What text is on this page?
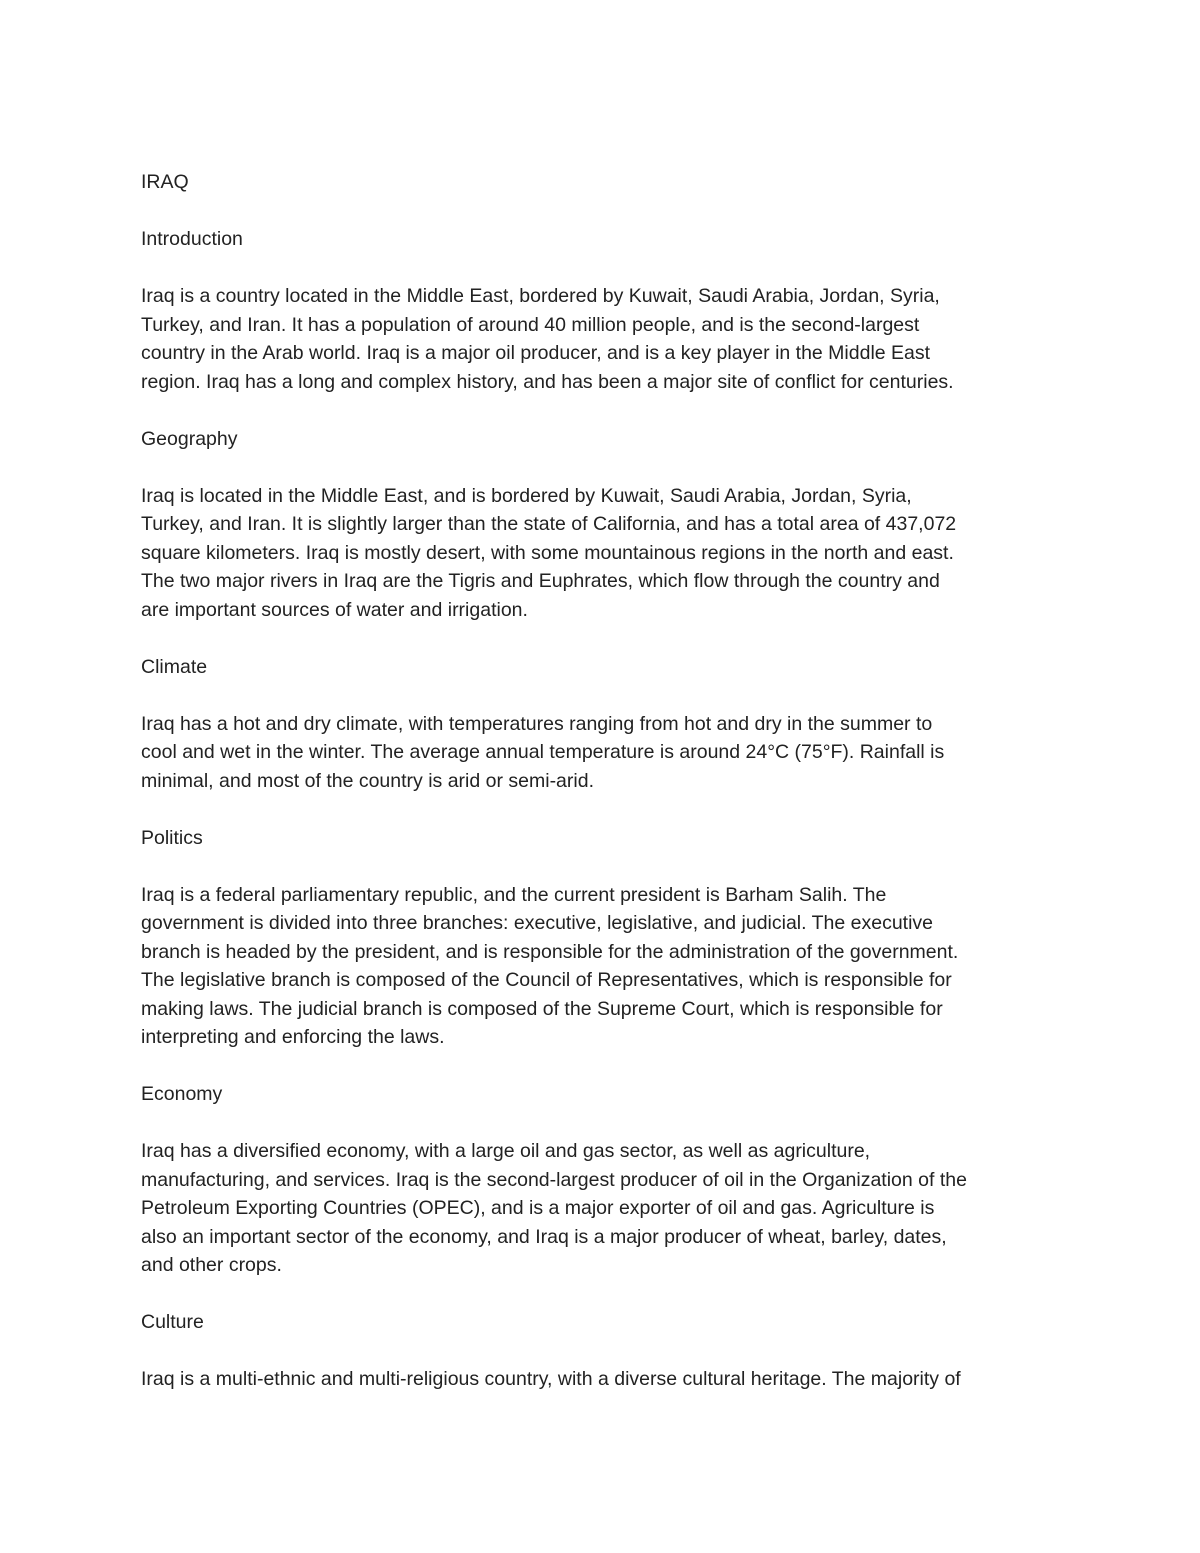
IRAQ

Introduction

Iraq is a country located in the Middle East, bordered by Kuwait, Saudi Arabia, Jordan, Syria,
Turkey, and Iran. It has a population of around 40 million people, and is the second-largest
country in the Arab world. Iraq is a major oil producer, and is a key player in the Middle East
region. Iraq has a long and complex history, and has been a major site of conflict for centuries.

Geography

Iraq is located in the Middle East, and is bordered by Kuwait, Saudi Arabia, Jordan, Syria,
Turkey, and Iran. It is slightly larger than the state of California, and has a total area of 437,072
square kilometers. Iraq is mostly desert, with some mountainous regions in the north and east.
The two major rivers in Iraq are the Tigris and Euphrates, which flow through the country and
are important sources of water and irrigation.

Climate

Iraq has a hot and dry climate, with temperatures ranging from hot and dry in the summer to
cool and wet in the winter. The average annual temperature is around 24°C (75°F). Rainfall is
minimal, and most of the country is arid or semi-arid.

Politics

Iraq is a federal parliamentary republic, and the current president is Barham Salih. The
government is divided into three branches: executive, legislative, and judicial. The executive
branch is headed by the president, and is responsible for the administration of the government.
The legislative branch is composed of the Council of Representatives, which is responsible for
making laws. The judicial branch is composed of the Supreme Court, which is responsible for
interpreting and enforcing the laws.

Economy

Iraq has a diversified economy, with a large oil and gas sector, as well as agriculture,
manufacturing, and services. Iraq is the second-largest producer of oil in the Organization of the
Petroleum Exporting Countries (OPEC), and is a major exporter of oil and gas. Agriculture is
also an important sector of the economy, and Iraq is a major producer of wheat, barley, dates,
and other crops.

Culture

Iraq is a multi-ethnic and multi-religious country, with a diverse cultural heritage. The majority of
